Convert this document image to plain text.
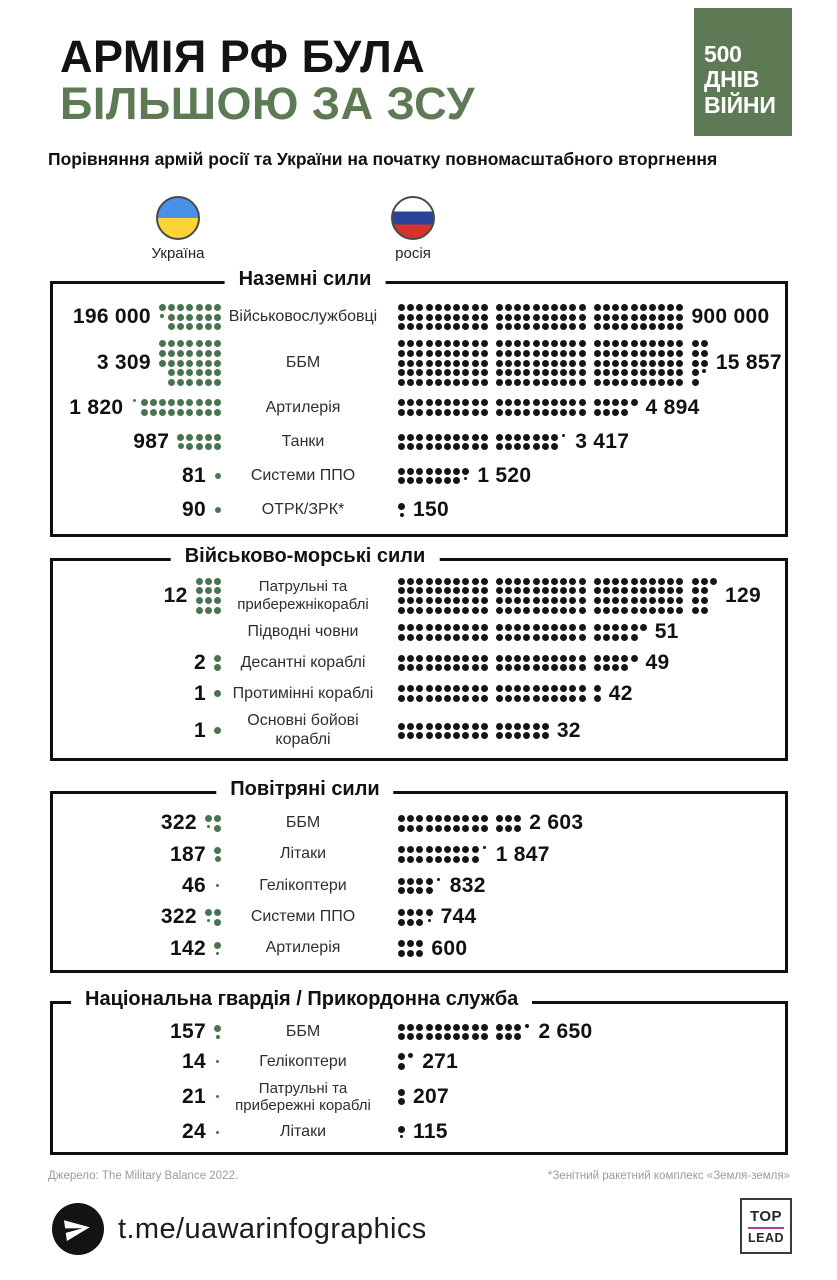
АРМІЯ РФ БУЛА
БІЛЬШОЮ ЗА ЗСУ
500
ДНІВ
ВІЙНИ
Порівняння армій росії та України на початку повномасштабного вторгнення
Україна	росія
Наземні сили
196 000	Військовослужбовці	900 000
3 309	ББМ	15 857
1 820	Артилерія	4 894
987	Танки	3 417
81	Системи ППО	1 520
90	ОТРК/ЗРК*	150
Військово-морські сили
12	Патрульні та
прибережнікораблі	129
Підводні човни	51
2	Десантні кораблі	49
1	Протимінні кораблі	42
1	Основні бойові кораблі	32
Повітряні сили
322	ББМ	2 603
187	Літаки	1 847
46	Гелікоптери	832
322	Системи ППО	744
142	Артилерія	600
Національна гвардія / Прикордонна служба
157	ББМ	2 650
14	Гелікоптери	271
21	Патрульні та
прибережні кораблі	207
24	Літаки	115
Джерело: The Military Balance 2022.	*Зенітний ракетний комплекс «Земля-земля»
t.me/uawarinfographics	TOP
LEAD
